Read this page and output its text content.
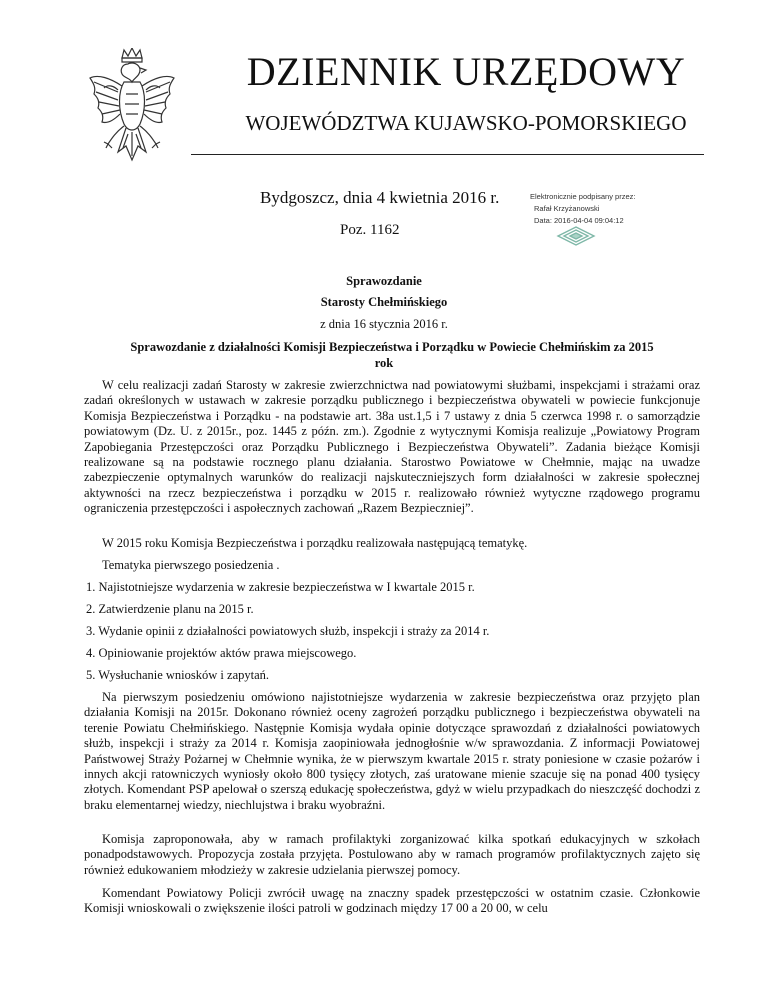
DZIENNIK URZĘDOWY
WOJEWÓDZTWA KUJAWSKO-POMORSKIEGO
Bydgoszcz, dnia 4 kwietnia 2016 r.
Poz. 1162
Elektronicznie podpisany przez:
Rafał Krzyżanowski
Data: 2016-04-04 09:04:12
Sprawozdanie
Starosty Chełmińskiego
z dnia 16 stycznia 2016 r.
Sprawozdanie z działalności Komisji Bezpieczeństwa i Porządku w Powiecie Chełmińskim za 2015
rok

W celu realizacji zadań Starosty w zakresie zwierzchnictwa nad powiatowymi służbami, inspekcjami i strażami oraz zadań określonych w ustawach w zakresie porządku publicznego i bezpieczeństwa obywateli w powiecie funkcjonuje Komisja Bezpieczeństwa i Porządku - na podstawie art. 38a ust.1,5 i 7 ustawy z dnia 5 czerwca 1998 r. o samorządzie powiatowym (Dz. U. z 2015r., poz. 1445 z późn. zm.). Zgodnie z wytycznymi Komisja realizuje „Powiatowy Program Zapobiegania Przestępczości oraz Porządku Publicznego i Bezpieczeństwa Obywateli”. Zadania bieżące Komisji realizowane są na podstawie rocznego planu działania. Starostwo Powiatowe w Chełmnie, mając na uwadze zabezpieczenie optymalnych warunków do realizacji najskuteczniejszych form działalności w zakresie społecznej aktywności na rzecz bezpieczeństwa i porządku w 2015 r. realizowało również wytyczne rządowego programu ograniczenia przestępczości i aspołecznych zachowań „Razem Bezpieczniej”.

W 2015 roku Komisja Bezpieczeństwa i porządku realizowała następującą tematykę.

Tematyka pierwszego posiedzenia .

1. Najistotniejsze wydarzenia w zakresie bezpieczeństwa w I kwartale 2015 r.
2. Zatwierdzenie planu na 2015 r.
3. Wydanie opinii z działalności powiatowych służb, inspekcji i straży za 2014 r.
4. Opiniowanie projektów aktów prawa miejscowego.
5. Wysłuchanie wniosków i zapytań.

Na pierwszym posiedzeniu omówiono najistotniejsze wydarzenia w zakresie bezpieczeństwa oraz przyjęto plan działania Komisji na 2015r. Dokonano również oceny zagrożeń porządku publicznego i bezpieczeństwa obywateli na terenie Powiatu Chełmińskiego. Następnie Komisja wydała opinie dotyczące sprawozdań z działalności powiatowych służb, inspekcji i straży za 2014 r. Komisja zaopiniowała jednogłośnie w/w sprawozdania. Z informacji Powiatowej Państwowej Straży Pożarnej w Chełmnie wynika, że w pierwszym kwartale 2015 r. straty poniesione w czasie pożarów i innych akcji ratowniczych wyniosły około 800 tysięcy złotych, zaś uratowane mienie szacuje się na ponad 400 tysięcy złotych. Komendant PSP apelował o szerszą edukację społeczeństwa, gdyż w wielu przypadkach do nieszczęść dochodzi z braku elementarnej wiedzy, niechlujstwa i braku wyobraźni.

Komisja zaproponowała, aby w ramach profilaktyki zorganizować kilka spotkań edukacyjnych w szkołach ponadpodstawowych. Propozycja została przyjęta. Postulowano aby w ramach programów profilaktycznych zajęto się również edukowaniem młodzieży w zakresie udzielania pierwszej pomocy.

Komendant Powiatowy Policji zwrócił uwagę na znaczny spadek przestępczości w ostatnim czasie. Członkowie Komisji wnioskowali o zwiększenie ilości patroli w godzinach między 17 00 a 20 00, w celu
